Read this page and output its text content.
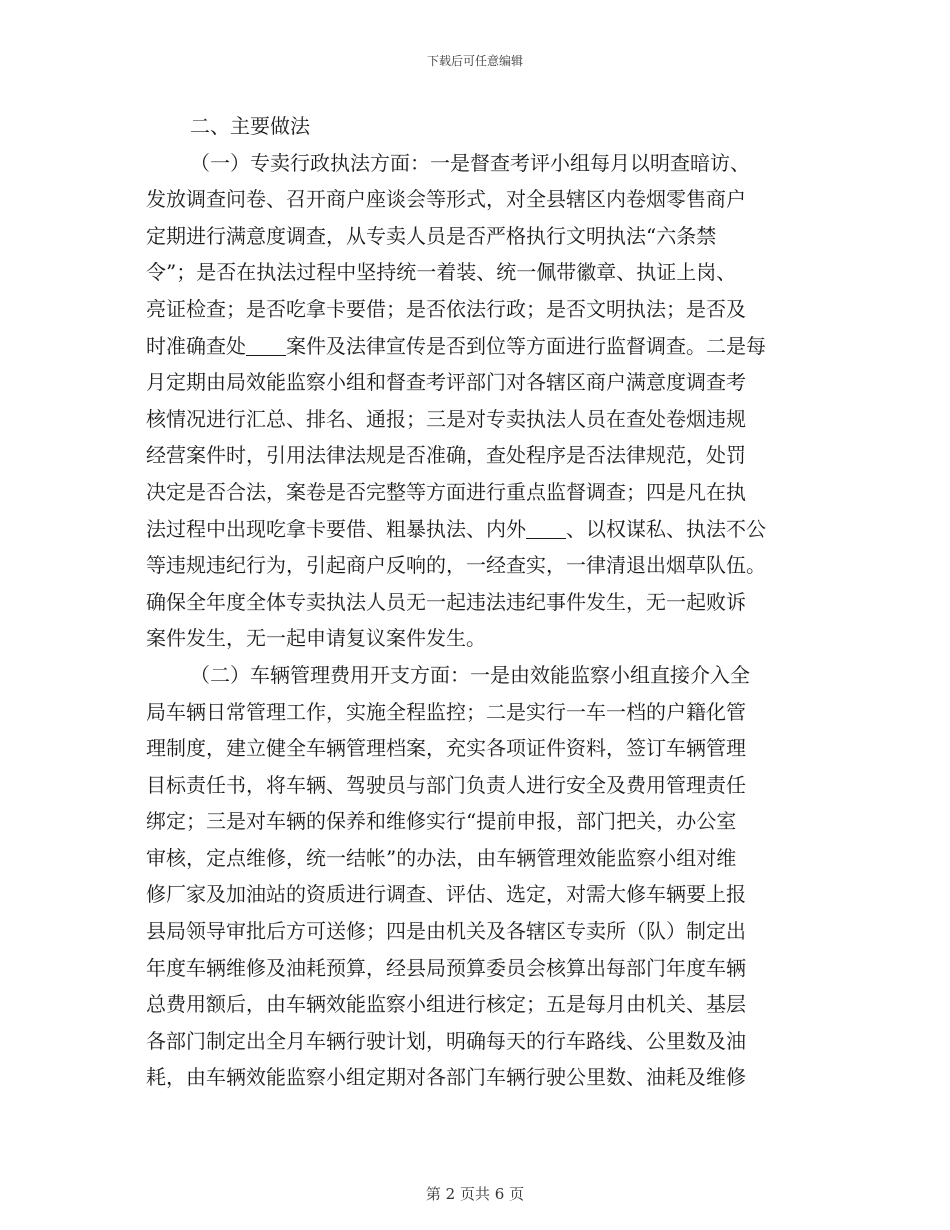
下载后可任意编辑
二、主要做法
（一）专卖行政执法方面：一是督查考评小组每月以明查暗访、
发放调查问卷、召开商户座谈会等形式，对全县辖区内卷烟零售商户
定期进行满意度调查，从专卖人员是否严格执行文明执法“六条禁
令”；是否在执法过程中坚持统一着装、统一佩带徽章、执证上岗、
亮证检查；是否吃拿卡要借；是否依法行政；是否文明执法；是否及
时准确查处 案件及法律宣传是否到位等方面进行监督调查。二是每
月定期由局效能监察小组和督查考评部门对各辖区商户满意度调查考
核情况进行汇总、排名、通报；三是对专卖执法人员在查处卷烟违规
经营案件时，引用法律法规是否准确，查处程序是否法律规范，处罚
决定是否合法，案卷是否完整等方面进行重点监督调查；四是凡在执
法过程中出现吃拿卡要借、粗暴执法、内外 、以权谋私、执法不公
等违规违纪行为，引起商户反响的，一经查实，一律清退出烟草队伍。
确保全年度全体专卖执法人员无一起违法违纪事件发生，无一起败诉
案件发生，无一起申请复议案件发生。
（二）车辆管理费用开支方面：一是由效能监察小组直接介入全
局车辆日常管理工作，实施全程监控；二是实行一车一档的户籍化管
理制度，建立健全车辆管理档案，充实各项证件资料，签订车辆管理
目标责任书，将车辆、驾驶员与部门负责人进行安全及费用管理责任
绑定；三是对车辆的保养和维修实行“提前申报，部门把关，办公室
审核，定点维修，统一结帐”的办法，由车辆管理效能监察小组对维
修厂家及加油站的资质进行调查、评估、选定，对需大修车辆要上报
县局领导审批后方可送修；四是由机关及各辖区专卖所（队）制定出
年度车辆维修及油耗预算，经县局预算委员会核算出每部门年度车辆
总费用额后，由车辆效能监察小组进行核定；五是每月由机关、基层
各部门制定出全月车辆行驶计划，明确每天的行车路线、公里数及油
耗，由车辆效能监察小组定期对各部门车辆行驶公里数、油耗及维修
第 2 页共 6 页
